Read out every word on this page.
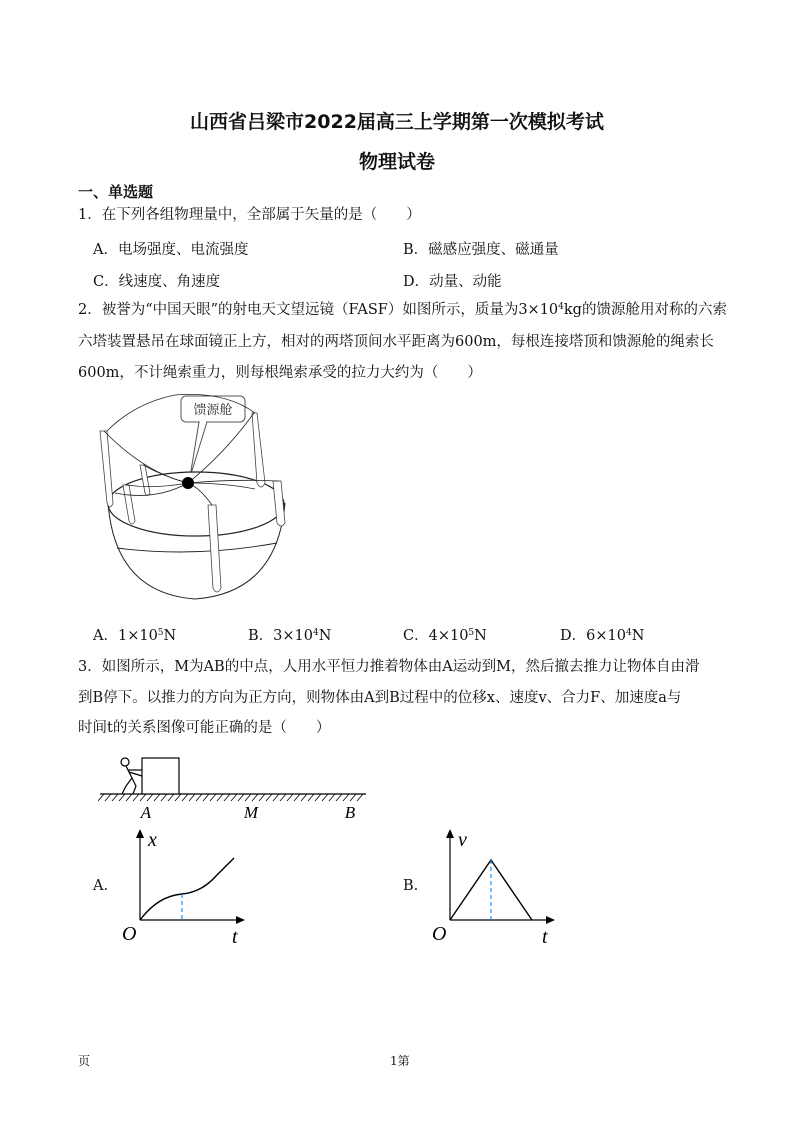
山西省吕梁市2022届高三上学期第一次模拟考试
物理试卷
一、单选题
1．在下列各组物理量中，全部属于矢量的是（　　）
A．电场强度、电流强度	B．磁感应强度、磁通量
C．线速度、角速度	D．动量、动能
2．被誉为“中国天眼”的射电天文望远镜（FASF）如图所示，质量为$3\times 10^4kg$的馈源舱用对称的六索
六塔装置悬吊在球面镜正上方，相对的两塔顶间水平距离为600m，每根连接塔顶和馈源舱的绳索长
600m，不计绳索重力，则每根绳索承受的拉力大约为（　　）
馈源舱
A．$1\times 10^5N$	B．$3\times 10^4N$	C．$4\times 10^5N$	D．$6\times 10^4N$
3．如图所示，M为AB的中点，人用水平恒力推着物体由A运动到M，然后撤去推力让物体自由滑
到B停下。以推力的方向为正方向，则物体由A到B过程中的位移x、速度v、合力F、加速度a与
时间t的关系图像可能正确的是（　　）
A	M	B
A.
x
t
O
B.
v
t
O
页	1第
